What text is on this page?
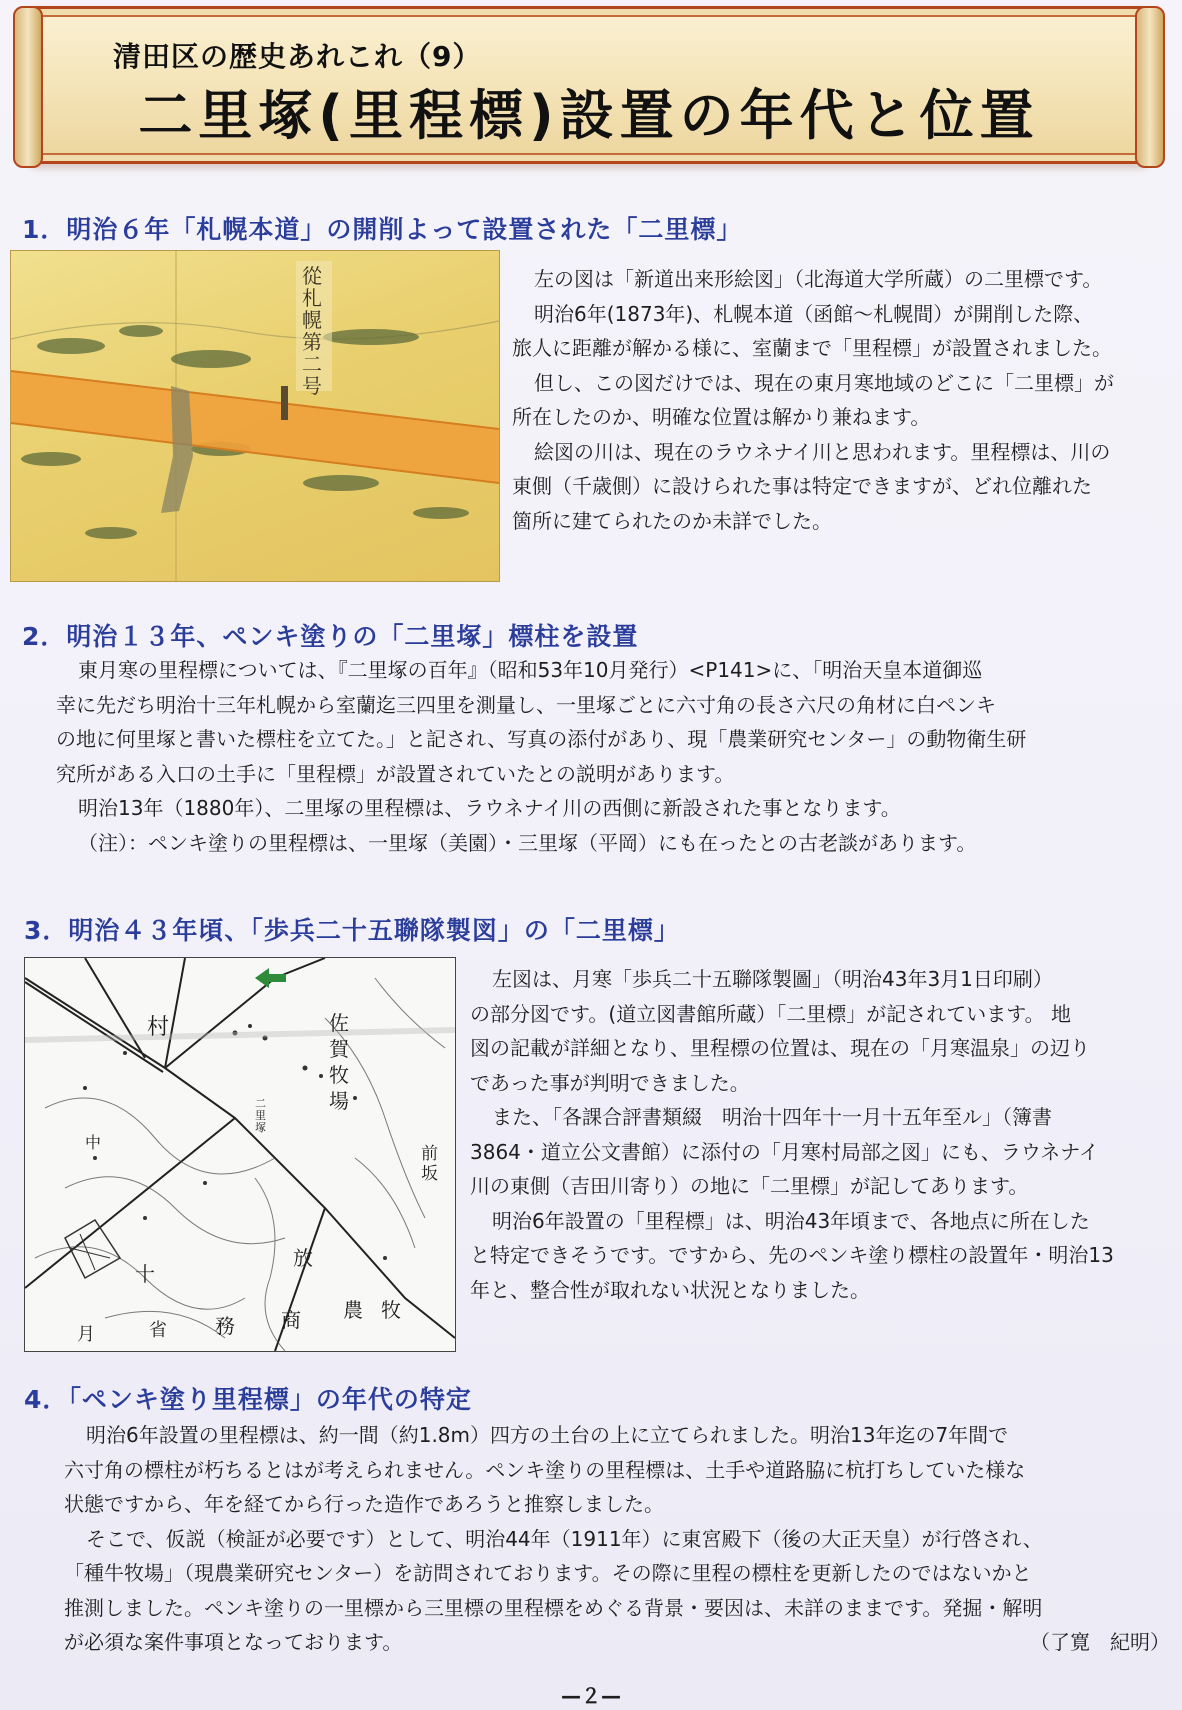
清田区の歴史あれこれ（9）
二里塚(里程標)設置の年代と位置
1．明治６年「札幌本道」の開削よって設置された「二里標」
從札幌第二号
左の図は「新道出来形絵図」（北海道大学所蔵）の二里標です。
明治6年(1873年)、札幌本道（函館～札幌間）が開削した際、
旅人に距離が解かる様に、室蘭まで「里程標」が設置されました。
但し、この図だけでは、現在の東月寒地域のどこに「二里標」が
所在したのか、明確な位置は解かり兼ねます。
絵図の川は、現在のラウネナイ川と思われます。里程標は、川の
東側（千歳側）に設けられた事は特定できますが、どれ位離れた
箇所に建てられたのか未詳でした。
2．明治１３年、ペンキ塗りの「二里塚」標柱を設置
東月寒の里程標については、『二里塚の百年』（昭和53年10月発行）<P141>に、「明治天皇本道御巡
幸に先だち明治十三年札幌から室蘭迄三四里を測量し、一里塚ごとに六寸角の長さ六尺の角材に白ペンキ
の地に何里塚と書いた標柱を立てた。」と記され、写真の添付があり、現「農業研究センター」の動物衛生研
究所がある入口の土手に「里程標」が設置されていたとの説明があります。
明治13年（1880年）、二里塚の里程標は、ラウネナイ川の西側に新設された事となります。
（注）：ペンキ塗りの里程標は、一里塚（美園）・三里塚（平岡）にも在ったとの古老談があります。
3．明治４３年頃、「歩兵二十五聯隊製図」の「二里標」
佐賀牧場
二里塚
前坂
放
農牧
商
務
省
月
中
十
村
左図は、月寒「歩兵二十五聯隊製圖」（明治43年3月1日印刷）
の部分図です。(道立図書館所蔵）「二里標」が記されています。 地
図の記載が詳細となり、里程標の位置は、現在の「月寒温泉」の辺り
であった事が判明できました。
また、「各課合評書類綴　明治十四年十一月十五年至ル」（簿書
3864・道立公文書館）に添付の「月寒村局部之図」にも、ラウネナイ
川の東側（吉田川寄り）の地に「二里標」が記してあります。
明治6年設置の「里程標」は、明治43年頃まで、各地点に所在した
と特定できそうです。ですから、先のペンキ塗り標柱の設置年・明治13
年と、整合性が取れない状況となりました。
4．「ペンキ塗り里程標」の年代の特定
明治6年設置の里程標は、約一間（約1.8m）四方の土台の上に立てられました。明治13年迄の7年間で
六寸角の標柱が朽ちるとはが考えられません。ペンキ塗りの里程標は、土手や道路脇に杭打ちしていた様な
状態ですから、年を経てから行った造作であろうと推察しました。
そこで、仮説（検証が必要です）として、明治44年（1911年）に東宮殿下（後の大正天皇）が行啓され、
「種牛牧場」（現農業研究センター）を訪問されております。その際に里程の標柱を更新したのではないかと
推測しました。ペンキ塗りの一里標から三里標の里程標をめぐる背景・要因は、未詳のままです。発掘・解明
が必須な案件事項となっております。	（了寛　紀明）
—２—
